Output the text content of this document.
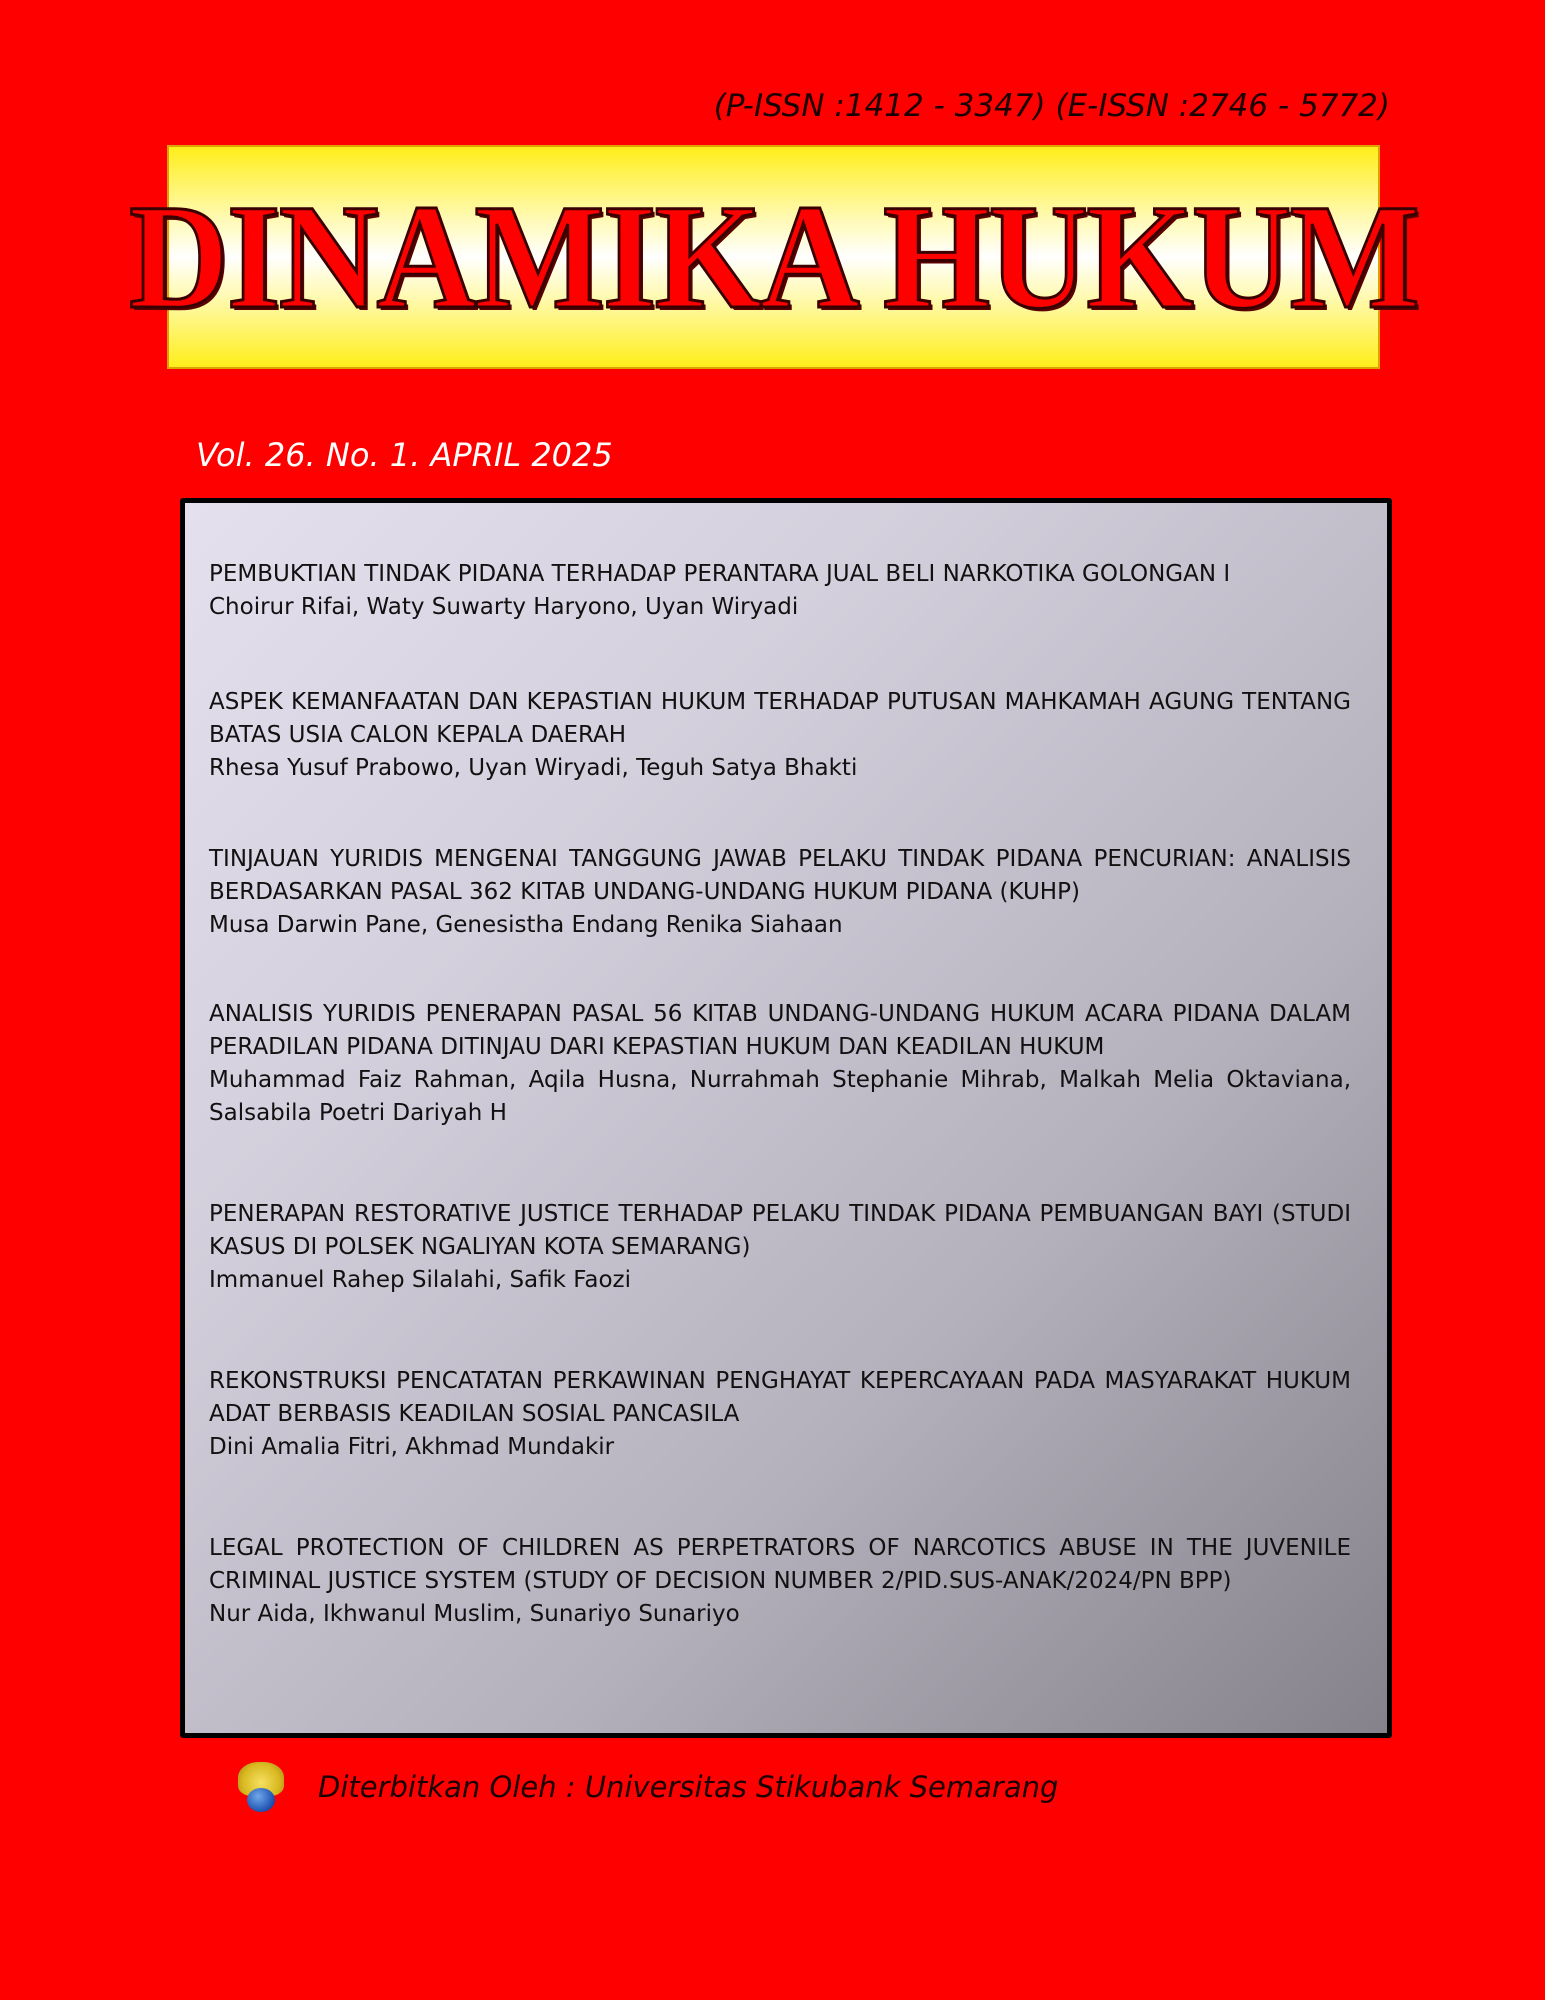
(P-ISSN :1412 - 3347) (E-ISSN :2746 - 5772)
DINAMIKA HUKUM
Vol. 26. No. 1. APRIL 2025
PEMBUKTIAN TINDAK PIDANA TERHADAP PERANTARA JUAL BELI NARKOTIKA GOLONGAN I
Choirur Rifai, Waty Suwarty Haryono, Uyan Wiryadi
ASPEK KEMANFAATAN DAN KEPASTIAN HUKUM TERHADAP PUTUSAN MAHKAMAH AGUNG TENTANG BATAS USIA CALON KEPALA DAERAH
Rhesa Yusuf Prabowo, Uyan Wiryadi, Teguh Satya Bhakti
TINJAUAN YURIDIS MENGENAI TANGGUNG JAWAB PELAKU TINDAK PIDANA PENCURIAN: ANALISIS BERDASARKAN PASAL 362 KITAB UNDANG-UNDANG HUKUM PIDANA (KUHP)
Musa Darwin Pane, Genesistha Endang Renika Siahaan
ANALISIS YURIDIS PENERAPAN PASAL 56 KITAB UNDANG-UNDANG HUKUM ACARA PIDANA DALAM PERADILAN PIDANA DITINJAU DARI KEPASTIAN HUKUM DAN KEADILAN HUKUM
Muhammad Faiz Rahman, Aqila Husna, Nurrahmah Stephanie Mihrab, Malkah Melia Oktaviana, Salsabila Poetri Dariyah H
PENERAPAN RESTORATIVE JUSTICE TERHADAP PELAKU TINDAK PIDANA PEMBUANGAN BAYI (STUDI KASUS DI POLSEK NGALIYAN KOTA SEMARANG)
Immanuel Rahep Silalahi, Safik Faozi
REKONSTRUKSI PENCATATAN PERKAWINAN PENGHAYAT KEPERCAYAAN PADA MASYARAKAT HUKUM ADAT BERBASIS KEADILAN SOSIAL PANCASILA
Dini Amalia Fitri, Akhmad Mundakir
LEGAL PROTECTION OF CHILDREN AS PERPETRATORS OF NARCOTICS ABUSE IN THE JUVENILE CRIMINAL JUSTICE SYSTEM (STUDY OF DECISION NUMBER 2/PID.SUS-ANAK/2024/PN BPP)
Nur Aida, Ikhwanul Muslim, Sunariyo Sunariyo
Diterbitkan Oleh : Universitas Stikubank Semarang
